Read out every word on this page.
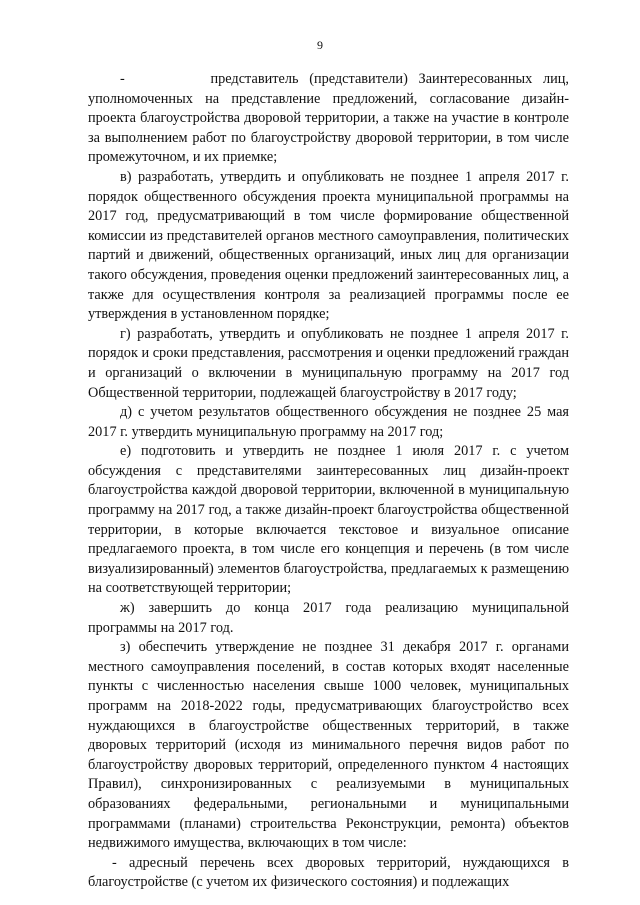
9

-        представитель (представители) Заинтересованных лиц, уполномоченных на представление предложений, согласование дизайн-проекта благоустройства дворовой территории, а также на участие в контроле за выполнением работ по благоустройству дворовой территории, в том числе промежуточном, и их приемке;

в) разработать, утвердить и опубликовать не позднее 1 апреля 2017 г. порядок общественного обсуждения проекта муниципальной программы на 2017 год, предусматривающий в том числе формирование общественной комиссии из представителей органов местного самоуправления, политических партий и движений, общественных организаций, иных лиц для организации такого обсуждения, проведения оценки предложений заинтересованных лиц, а также для осуществления контроля за реализацией программы после ее утверждения в установленном порядке;

г) разработать, утвердить и опубликовать не позднее 1 апреля 2017 г. порядок и сроки представления, рассмотрения и оценки предложений граждан и организаций о включении в муниципальную программу на 2017 год Общественной территории, подлежащей благоустройству в 2017 году;

д) с учетом результатов общественного обсуждения не позднее 25 мая 2017 г. утвердить муниципальную программу на 2017 год;

е) подготовить и утвердить не позднее 1 июля 2017 г. с учетом обсуждения с представителями заинтересованных лиц дизайн-проект благоустройства каждой дворовой территории, включенной в муниципальную программу на 2017 год, а также дизайн-проект благоустройства общественной территории, в которые включается текстовое и визуальное описание предлагаемого проекта, в том числе его концепция и перечень (в том числе визуализированный) элементов благоустройства, предлагаемых к размещению на соответствующей территории;

ж) завершить до конца 2017 года реализацию муниципальной программы на 2017 год.

з) обеспечить утверждение не позднее 31 декабря 2017 г. органами местного самоуправления поселений, в состав которых входят населенные пункты с численностью населения свыше 1000 человек, муниципальных программ на 2018-2022 годы, предусматривающих благоустройство всех нуждающихся в благоустройстве общественных территорий, в также дворовых территорий (исходя из минимального перечня видов работ по благоустройству дворовых территорий, определенного пунктом 4 настоящих Правил), синхронизированных с реализуемыми в муниципальных образованиях федеральными, региональными и муниципальными программами (планами) строительства Реконструкции, ремонта) объектов недвижимого имущества, включающих в том числе:

- адресный перечень всех дворовых территорий, нуждающихся в благоустройстве (с учетом их физического состояния) и подлежащих
